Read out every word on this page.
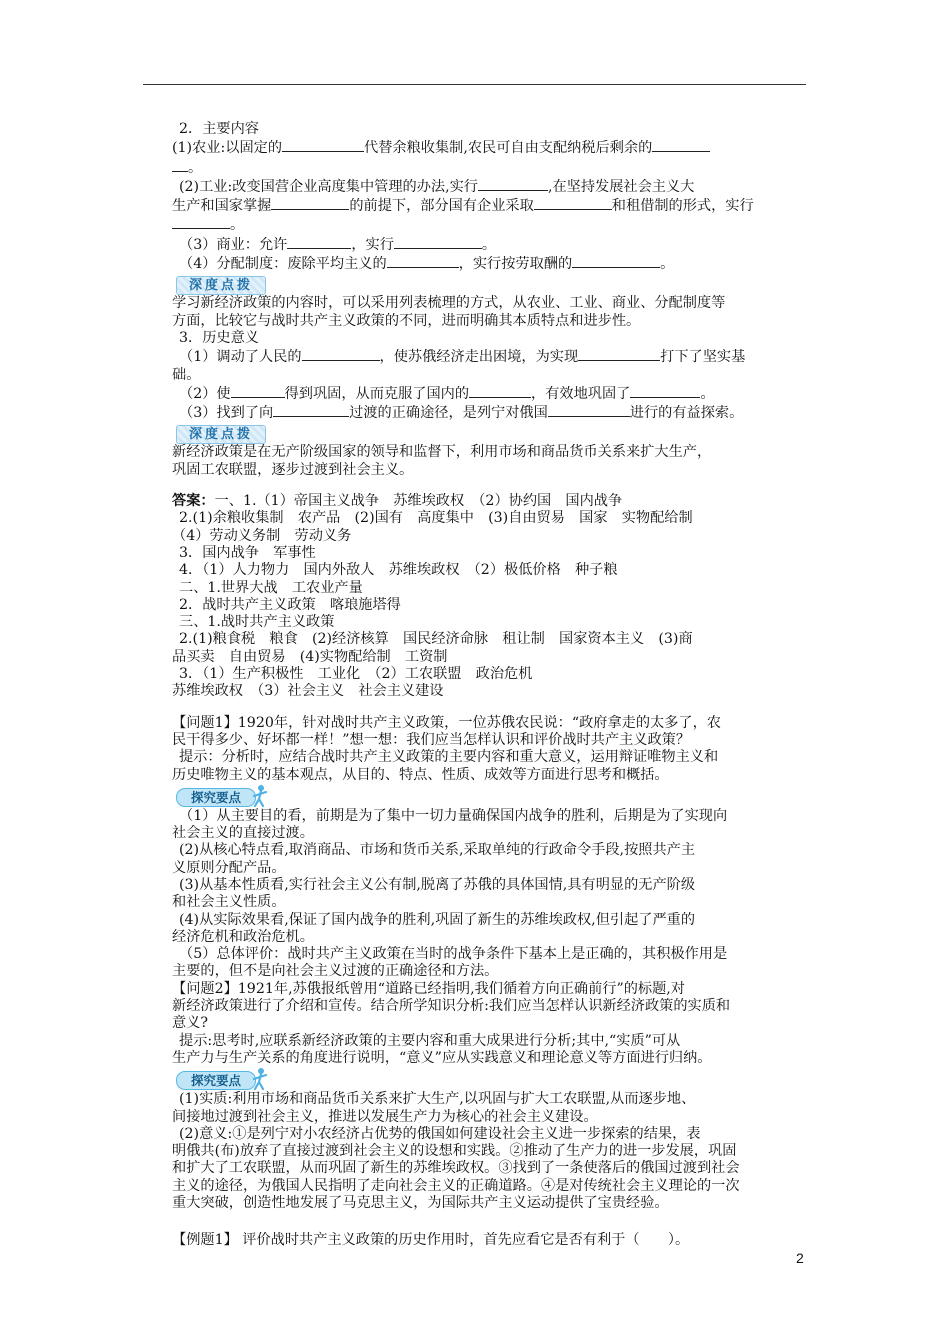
2．主要内容

(1)农业:以固定的	代替余粮收集制,农民可自由支配纳税后剩余的

。

(2)工业:改变国营企业高度集中管理的办法,实行	,在坚持发展社会主义大

生产和国家掌握	的前提下，部分国有企业采取	和租借制的形式，实行

。

（3）商业：允许	，实行	。

（4）分配制度：废除平均主义的	，实行按劳取酬的	。

深度点拨

学习新经济政策的内容时，可以采用列表梳理的方式，从农业、工业、商业、分配制度等

方面，比较它与战时共产主义政策的不同，进而明确其本质特点和进步性。

3．历史意义

（1）调动了人民的	，使苏俄经济走出困境，为实现	打下了坚实基

础。

（2）使	得到巩固，从而克服了国内的	，有效地巩固了	。

（3）找到了向	过渡的正确途径，是列宁对俄国	进行的有益探索。

深度点拨

新经济政策是在无产阶级国家的领导和监督下，利用市场和商品货币关系来扩大生产，

巩固工农联盟，逐步过渡到社会主义。

答案：一、1.（1）帝国主义战争　苏维埃政权　（2）协约国　国内战争

2.(1)余粮收集制　农产品　(2)国有　高度集中　(3)自由贸易　国家　实物配给制

（4）劳动义务制　劳动义务

3．国内战争　军事性

4．（1）人力物力　国内外敌人　苏维埃政权　（2）极低价格　种子粮

二、1.世界大战　工农业产量

2．战时共产主义政策　喀琅施塔得

三、1.战时共产主义政策

2.(1)粮食税　粮食　(2)经济核算　国民经济命脉　租让制　国家资本主义　(3)商

品买卖　自由贸易　(4)实物配给制　工资制

3．（1）生产积极性　工业化　（2）工农联盟　政治危机

苏维埃政权　（3）社会主义　社会主义建设

【问题1】1920年，针对战时共产主义政策，一位苏俄农民说：“政府拿走的太多了，农

民干得多少、好坏都一样！”想一想：我们应当怎样认识和评价战时共产主义政策？

提示：分析时，应结合战时共产主义政策的主要内容和重大意义，运用辩证唯物主义和

历史唯物主义的基本观点，从目的、特点、性质、成效等方面进行思考和概括。

探究要点

（1）从主要目的看，前期是为了集中一切力量确保国内战争的胜利，后期是为了实现向

社会主义的直接过渡。

(2)从核心特点看,取消商品、市场和货币关系,采取单纯的行政命令手段,按照共产主

义原则分配产品。

(3)从基本性质看,实行社会主义公有制,脱离了苏俄的具体国情,具有明显的无产阶级

和社会主义性质。

(4)从实际效果看,保证了国内战争的胜利,巩固了新生的苏维埃政权,但引起了严重的

经济危机和政治危机。

（5）总体评价：战时共产主义政策在当时的战争条件下基本上是正确的，其积极作用是

主要的，但不是向社会主义过渡的正确途径和方法。

【问题2】1921年,苏俄报纸曾用“道路已经指明,我们循着方向正确前行”的标题,对

新经济政策进行了介绍和宣传。结合所学知识分析:我们应当怎样认识新经济政策的实质和

意义?

提示:思考时,应联系新经济政策的主要内容和重大成果进行分析;其中,“实质”可从

生产力与生产关系的角度进行说明，“意义”应从实践意义和理论意义等方面进行归纳。

探究要点

(1)实质:利用市场和商品货币关系来扩大生产,以巩固与扩大工农联盟,从而逐步地、

间接地过渡到社会主义，推进以发展生产力为核心的社会主义建设。

(2)意义:①是列宁对小农经济占优势的俄国如何建设社会主义进一步探索的结果，表

明俄共(布)放弃了直接过渡到社会主义的设想和实践。②推动了生产力的进一步发展，巩固

和扩大了工农联盟，从而巩固了新生的苏维埃政权。③找到了一条使落后的俄国过渡到社会

主义的途径，为俄国人民指明了走向社会主义的正确道路。④是对传统社会主义理论的一次

重大突破，创造性地发展了马克思主义，为国际共产主义运动提供了宝贵经验。

【例题1】 评价战时共产主义政策的历史作用时，首先应看它是否有利于（　　）。

2
